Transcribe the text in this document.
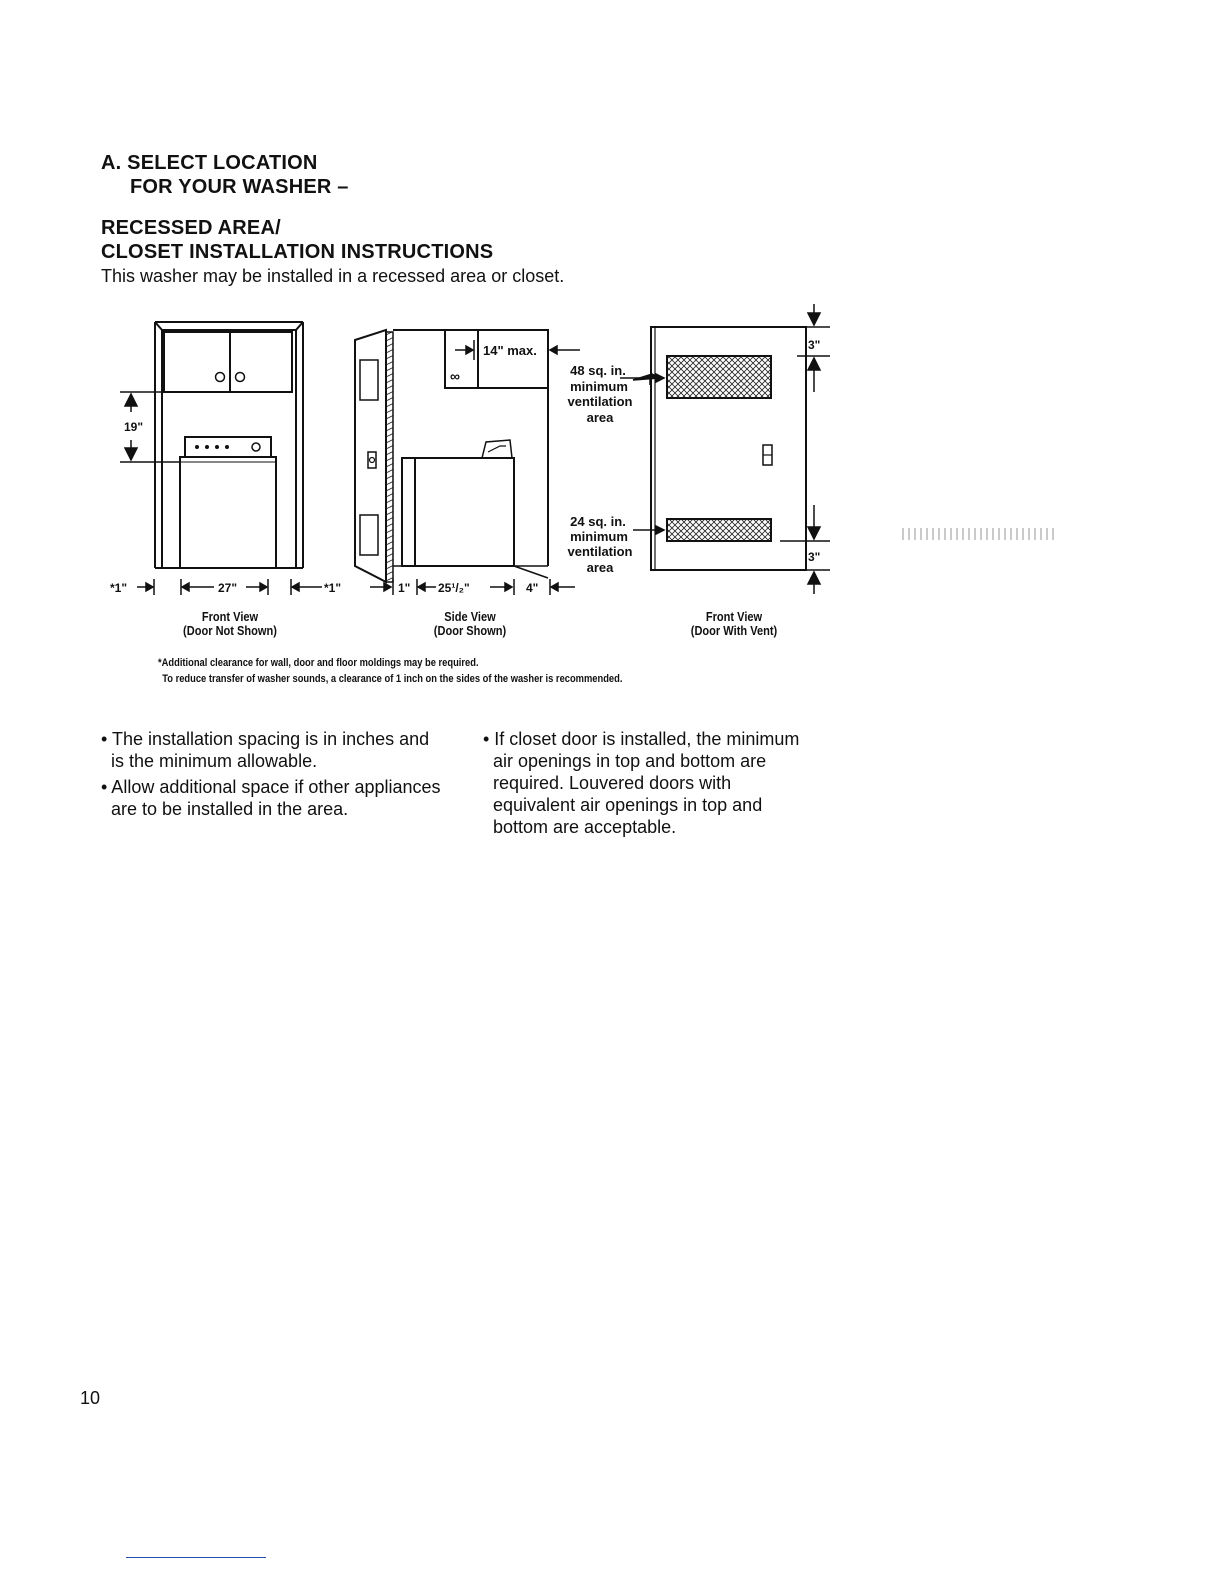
A. SELECT LOCATION
FOR YOUR WASHER –
RECESSED AREA/
CLOSET INSTALLATION INSTRUCTIONS
This washer may be installed in a recessed area or closet.
19"
*1"	27"	*1"
∞
14" max.
1" 25¹/₂"	4"
48 sq. in.
minimum
ventilation
area
24 sq. in.
minimum
ventilation
area
3"
3"
Front View
(Door Not Shown)
Side View
(Door Shown)
Front View
(Door With Vent)
*Additional clearance for wall, door and floor moldings may be required.
To reduce transfer of washer sounds, a clearance of 1 inch on the sides of the washer is recommended.

• The installation spacing is in inches and is the minimum allowable.

• Allow additional space if other appliances are to be installed in the area.

• If closet door is installed, the minimum air openings in top and bottom are required. Louvered doors with equivalent air openings in top and bottom are acceptable.

10
